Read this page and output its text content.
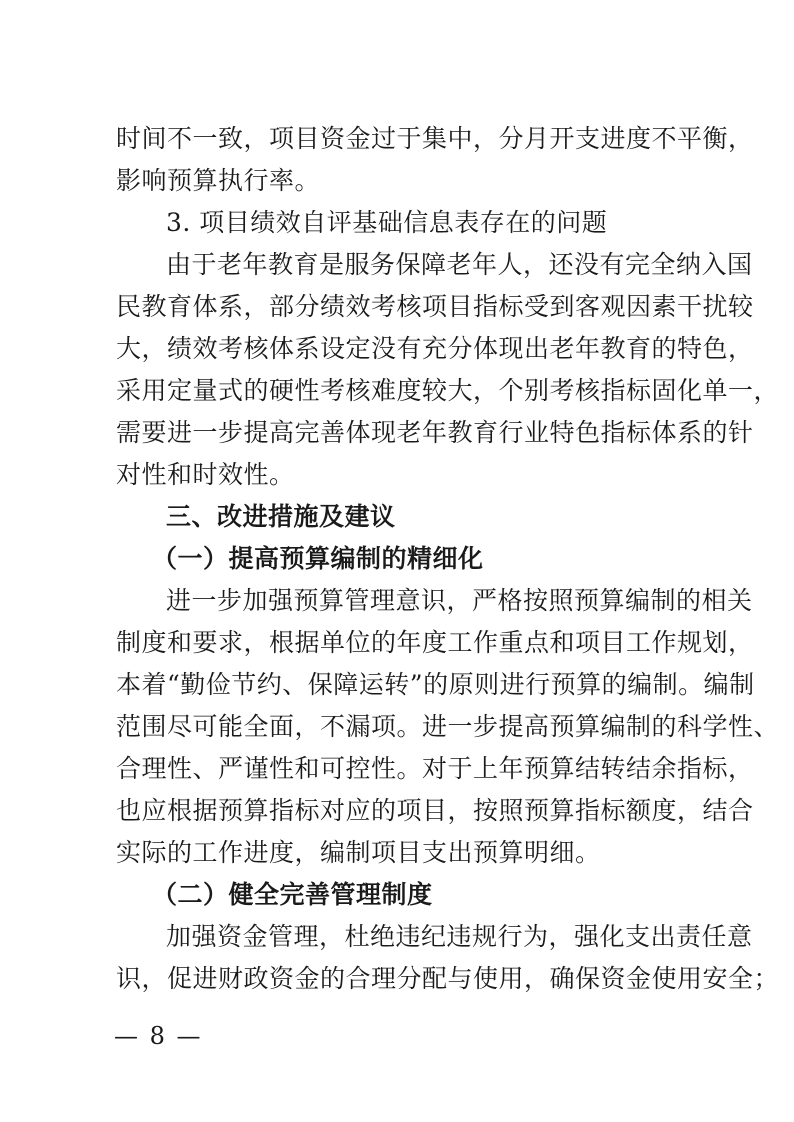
时间不一致，项目资金过于集中，分月开支进度不平衡，
影响预算执行率。
3. 项目绩效自评基础信息表存在的问题
由于老年教育是服务保障老年人，还没有完全纳入国
民教育体系，部分绩效考核项目指标受到客观因素干扰较
大，绩效考核体系设定没有充分体现出老年教育的特色，
采用定量式的硬性考核难度较大，个别考核指标固化单一，
需要进一步提高完善体现老年教育行业特色指标体系的针
对性和时效性。
三、改进措施及建议
（一）提高预算编制的精细化
进一步加强预算管理意识，严格按照预算编制的相关
制度和要求，根据单位的年度工作重点和项目工作规划，
本着“勤俭节约、保障运转”的原则进行预算的编制。编制
范围尽可能全面，不漏项。进一步提高预算编制的科学性、
合理性、严谨性和可控性。对于上年预算结转结余指标，
也应根据预算指标对应的项目，按照预算指标额度，结合
实际的工作进度，编制项目支出预算明细。
（二）健全完善管理制度
加强资金管理，杜绝违纪违规行为，强化支出责任意
识，促进财政资金的合理分配与使用，确保资金使用安全；
— 8 —
